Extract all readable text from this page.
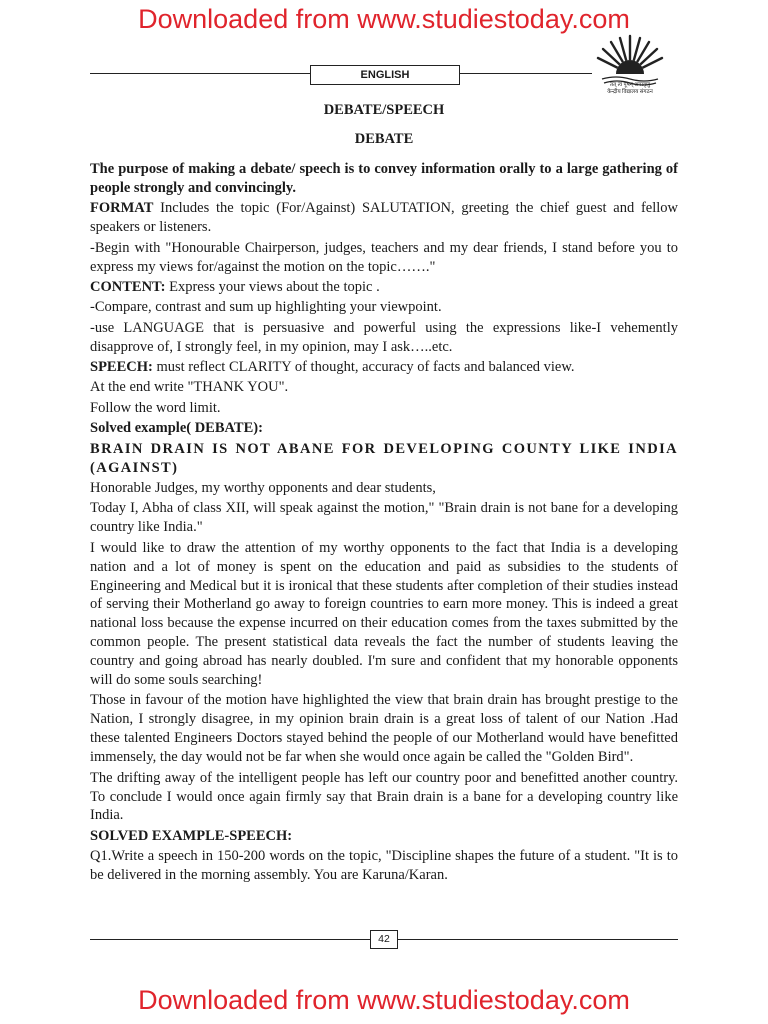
Downloaded from www.studiestoday.com
ENGLISH
तत् त्वं पूषन् अपावृणु
केन्द्रीय विद्यालय संगठन
DEBATE/SPEECH
DEBATE

The purpose of making a debate/ speech is to convey information orally to a large gathering of people strongly and convincingly.

FORMAT Includes the topic (For/Against) SALUTATION, greeting the chief guest and fellow speakers or listeners.

-Begin with "Honourable Chairperson, judges, teachers and my dear friends, I stand before you to express my views for/against the motion on the topic……."

CONTENT: Express your views about the topic .

-Compare, contrast and sum up highlighting your viewpoint.

-use LANGUAGE that is persuasive and powerful using the expressions like-I vehemently disapprove of, I strongly feel, in my opinion, may I ask…..etc.

SPEECH: must reflect CLARITY of thought, accuracy of facts and balanced view.

At the end write "THANK YOU".

Follow the word limit.

Solved example( DEBATE):

BRAIN DRAIN IS NOT ABANE FOR DEVELOPING COUNTY LIKE INDIA (AGAINST)

Honorable Judges, my worthy opponents and dear students,

Today I, Abha of class XII, will speak against the motion," "Brain drain is not bane for a developing country like India."

I would like to draw the attention of my worthy opponents to the fact that India is a developing nation and a lot of money is spent on the education and paid as subsidies to the students of Engineering and Medical but it is ironical that these students after completion of their studies instead of serving their Motherland go away to foreign countries to earn more money. This is indeed a great national loss because the expense incurred on their education comes from the taxes submitted by the common people. The present statistical data reveals the fact the number of students leaving the country and going abroad has nearly doubled. I'm sure and confident that my honorable opponents will do some souls searching!

Those in favour of the motion have highlighted the view that brain drain has brought prestige to the Nation, I strongly disagree, in my opinion brain drain is a great loss of talent of our Nation .Had these talented Engineers Doctors stayed behind the people of our Motherland would have benefitted immensely, the day would not be far when she would once again be called the "Golden Bird".

The drifting away of the intelligent people has left our country poor and benefitted another country. To conclude I would once again firmly say that Brain drain is a bane for a developing country like India.

SOLVED EXAMPLE-SPEECH:

Q1.Write a speech in 150-200 words on the topic, "Discipline shapes the future of a student. "It is to be delivered in the morning assembly. You are Karuna/Karan.

42
Downloaded from www.studiestoday.com
